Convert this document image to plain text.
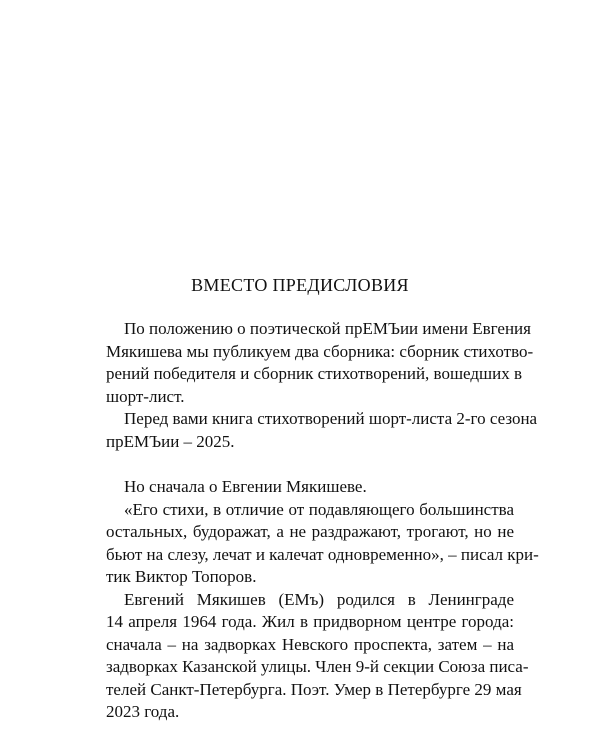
ВМЕСТО ПРЕДИСЛОВИЯ
По положению о поэтической прЕМЪии имени Евгения
Мякишева мы публикуем два сборника: сборник стихотво-
рений победителя и сборник стихотворений, вошедших в
шорт-лист.
Перед вами книга стихотворений шорт-листа 2-го сезона
прЕМЪии – 2025.
Но сначала о Евгении Мякишеве.
«Его стихи, в отличие от подавляющего большинства
остальных, будоражат, а не раздражают, трогают, но не
бьют на слезу, лечат и калечат одновременно», – писал кри-
тик Виктор Топоров.
Евгений Мякишев (ЕМъ) родился в Ленинграде
14 апреля 1964 года. Жил в придворном центре города:
сначала – на задворках Невского проспекта, затем – на
задворках Казанской улицы. Член 9-й секции Союза писа-
телей Санкт-Петербурга. Поэт. Умер в Петербурге 29 мая
2023 года.
